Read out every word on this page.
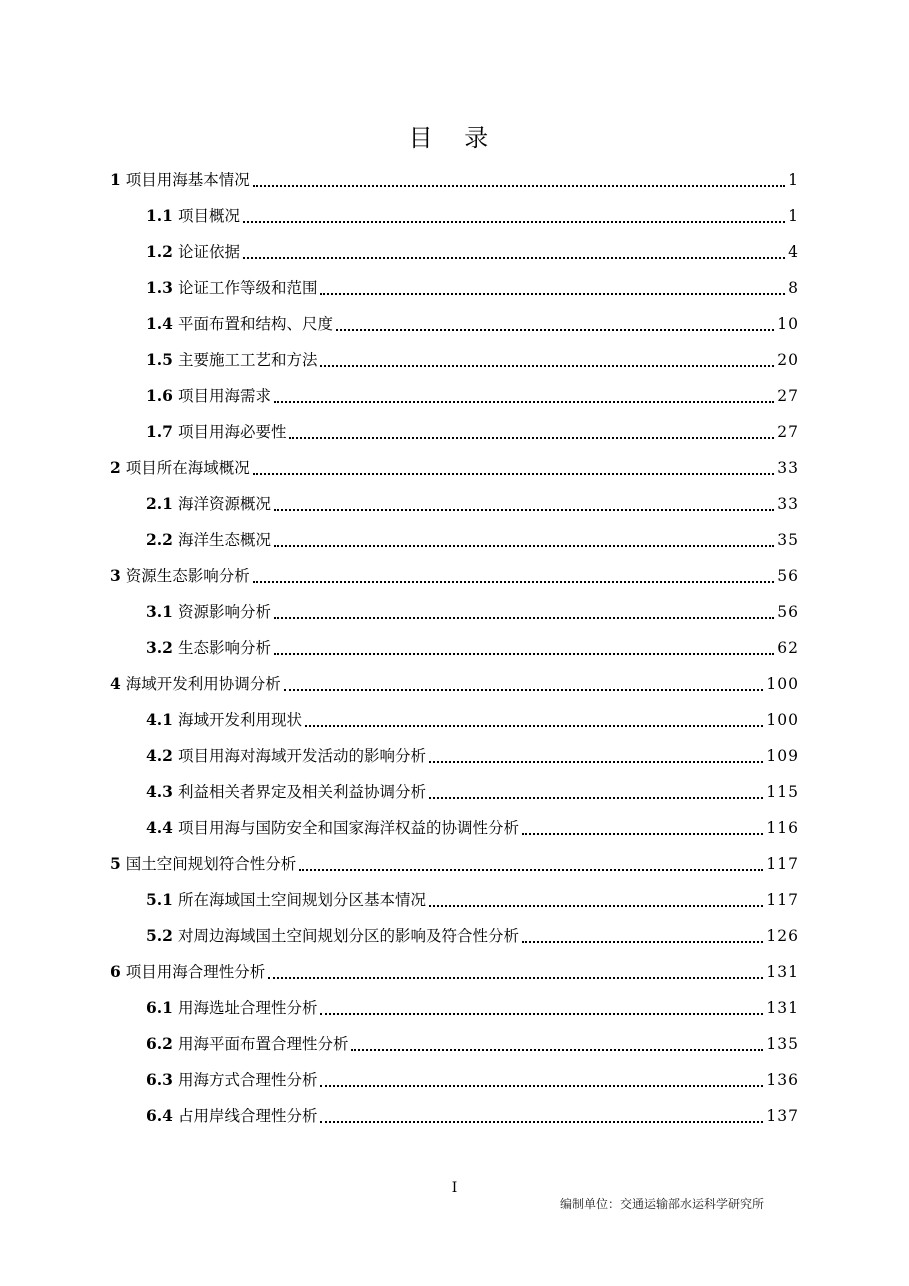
目 录
1 项目用海基本情况	1
1.1 项目概况	1
1.2 论证依据	4
1.3 论证工作等级和范围	8
1.4 平面布置和结构、尺度	10
1.5 主要施工工艺和方法	20
1.6 项目用海需求	27
1.7 项目用海必要性	27
2 项目所在海域概况	33
2.1 海洋资源概况	33
2.2 海洋生态概况	35
3 资源生态影响分析	56
3.1 资源影响分析	56
3.2 生态影响分析	62
4 海域开发利用协调分析	100
4.1 海域开发利用现状	100
4.2 项目用海对海域开发活动的影响分析	109
4.3 利益相关者界定及相关利益协调分析	115
4.4 项目用海与国防安全和国家海洋权益的协调性分析	116
5 国土空间规划符合性分析	117
5.1 所在海域国土空间规划分区基本情况	117
5.2 对周边海域国土空间规划分区的影响及符合性分析	126
6 项目用海合理性分析	131
6.1 用海选址合理性分析	131
6.2 用海平面布置合理性分析	135
6.3 用海方式合理性分析	136
6.4 占用岸线合理性分析	137
I
编制单位：交通运输部水运科学研究所
